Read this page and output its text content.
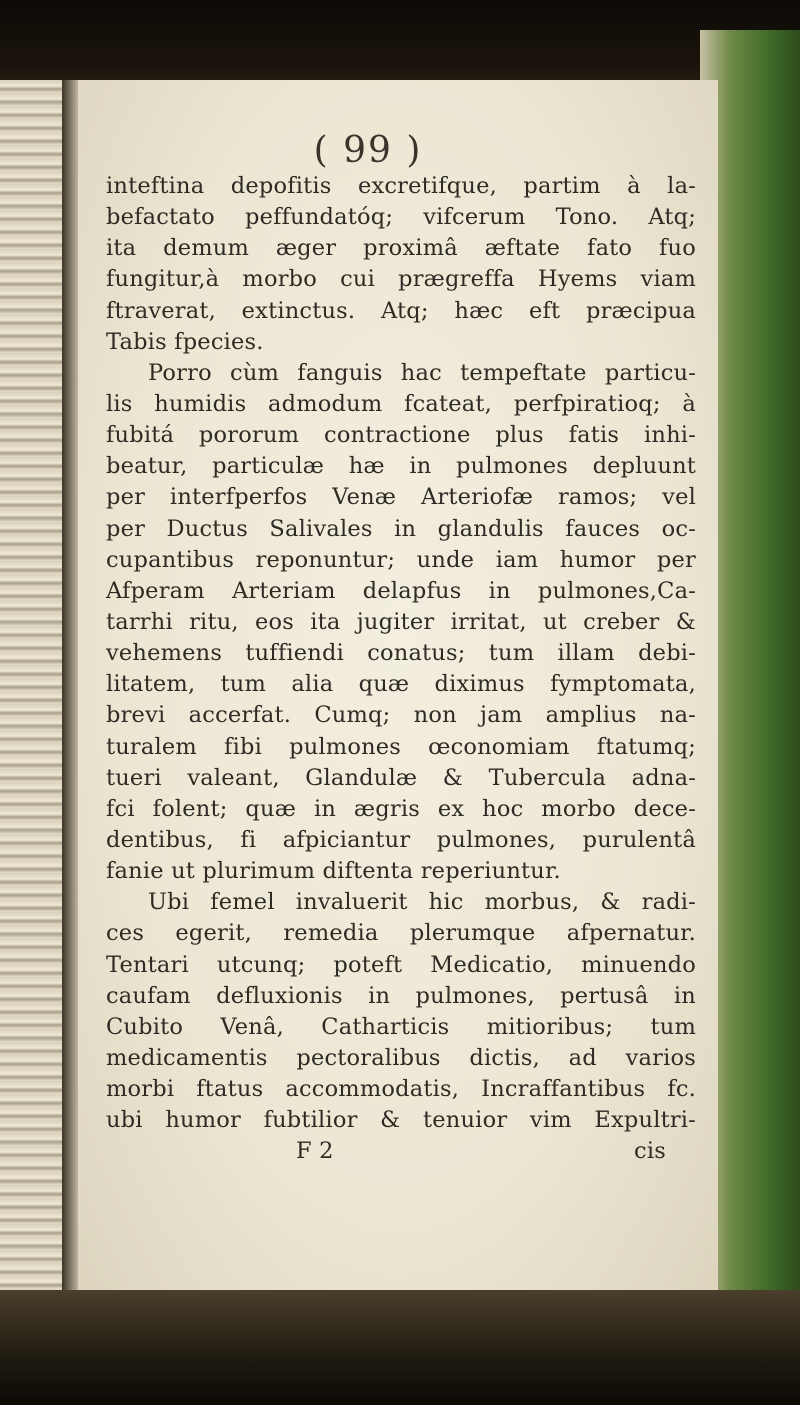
( 99 )
inteftina depofitis excretifque, partim à la-
befactato peffundatóq; vifcerum Tono. Atq;
ita demum æger proximâ æftate fato fuo
fungitur,à morbo cui prægreffa Hyems viam
ftraverat, extinctus. Atq; hæc eft præcipua
Tabis fpecies.
Porro cùm fanguis hac tempeftate particu-
lis humidis admodum fcateat, perfpiratioq; à
fubitá pororum contractione plus fatis inhi-
beatur, particulæ hæ in pulmones depluunt
per interfperfos Venæ Arteriofæ ramos; vel
per Ductus Salivales in glandulis fauces oc-
cupantibus reponuntur; unde iam humor per
Afperam Arteriam delapfus in pulmones,Ca-
tarrhi ritu, eos ita jugiter irritat, ut creber &
vehemens tuffiendi conatus; tum illam debi-
litatem, tum alia quæ diximus fymptomata,
brevi accerfat. Cumq; non jam amplius na-
turalem fibi pulmones œconomiam ftatumq;
tueri valeant, Glandulæ & Tubercula adna-
fci folent; quæ in ægris ex hoc morbo dece-
dentibus, fi afpiciantur pulmones, purulentâ
fanie ut plurimum diftenta reperiuntur.
Ubi femel invaluerit hic morbus, & radi-
ces egerit, remedia plerumque afpernatur.
Tentari utcunq; poteft Medicatio, minuendo
caufam defluxionis in pulmones, pertusâ in
Cubito Venâ, Catharticis mitioribus; tum
medicamentis pectoralibus dictis, ad varios
morbi ftatus accommodatis, Incraffantibus fc.
ubi humor fubtilior & tenuior vim Expultri-
F 2	cis
